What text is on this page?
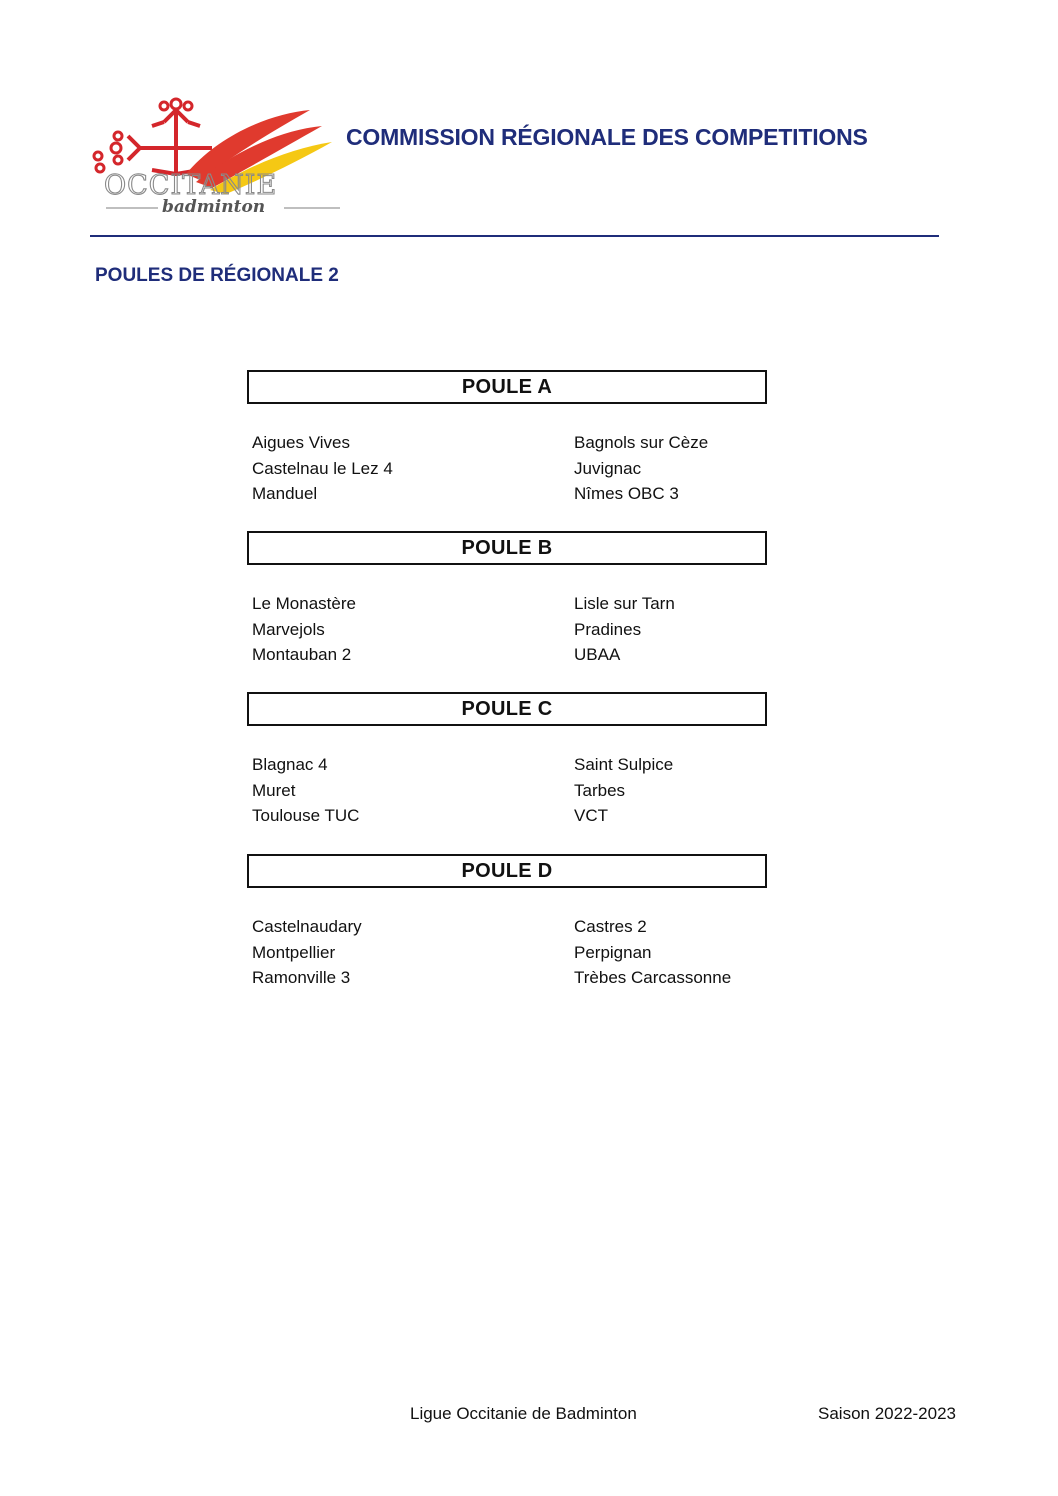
OCCITANIE
badminton
COMMISSION RÉGIONALE DES COMPETITIONS
POULES DE RÉGIONALE 2
POULE A
Aigues Vives
Castelnau le Lez 4
Manduel
Bagnols sur Cèze
Juvignac
Nîmes OBC 3
POULE B
Le Monastère
Marvejols
Montauban 2
Lisle sur Tarn
Pradines
UBAA
POULE C
Blagnac 4
Muret
Toulouse TUC
Saint Sulpice
Tarbes
VCT
POULE D
Castelnaudary
Montpellier
Ramonville 3
Castres 2
Perpignan
Trèbes Carcassonne
Ligue Occitanie de Badminton	Saison 2022-2023
